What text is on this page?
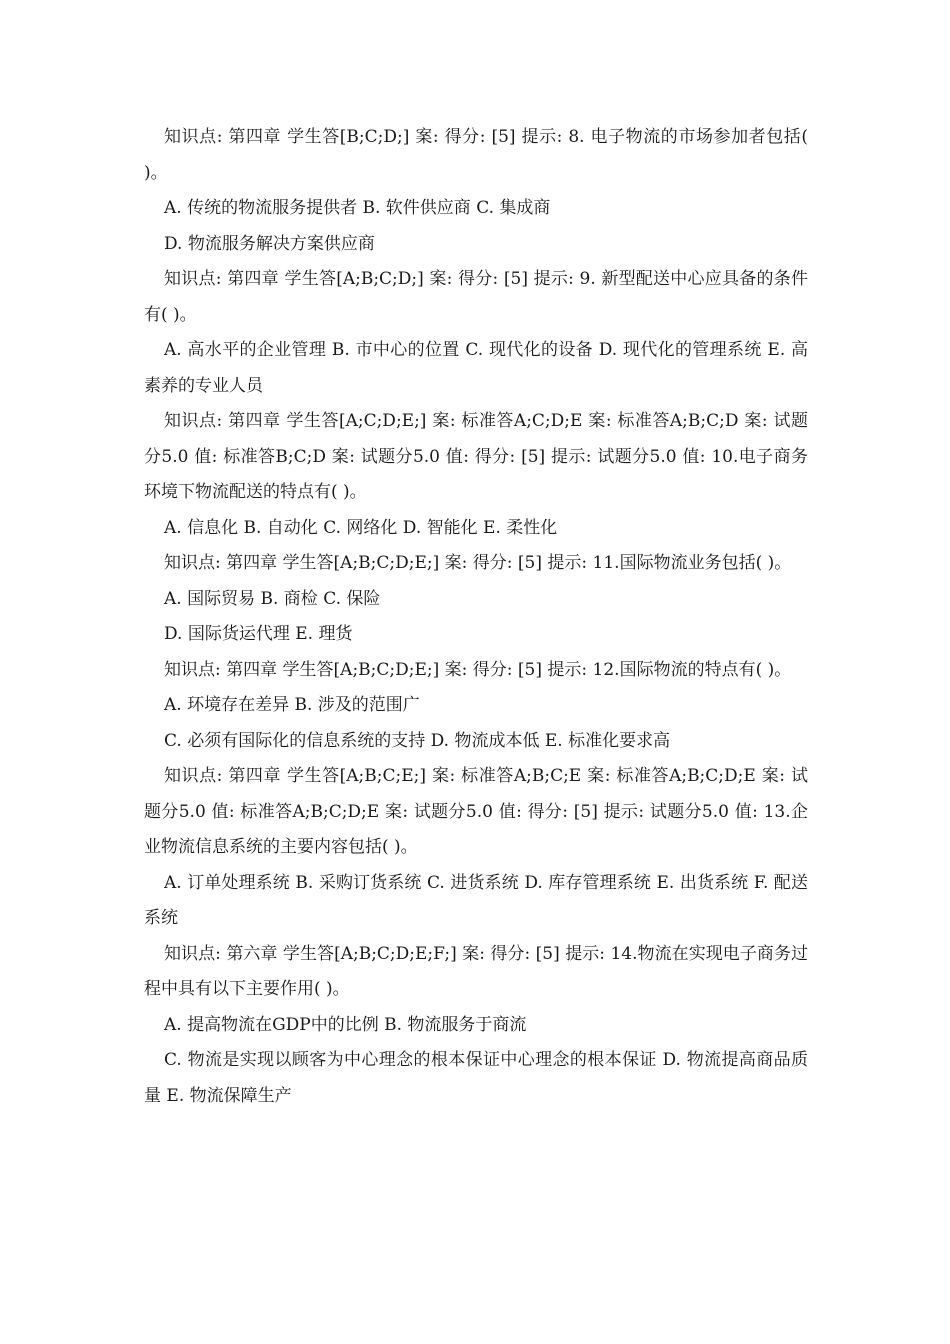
知识点: 第四章 学生答[B;C;D;] 案: 得分: [5] 提示: 8. 电子物流的市场参加者包括( )。

A. 传统的物流服务提供者 B. 软件供应商 C. 集成商

D. 物流服务解决方案供应商

知识点: 第四章 学生答[A;B;C;D;] 案: 得分: [5] 提示: 9. 新型配送中心应具备的条件有( )。

A. 高水平的企业管理 B. 市中心的位置 C. 现代化的设备 D. 现代化的管理系统 E. 高素养的专业人员

知识点: 第四章 学生答[A;C;D;E;] 案: 标准答A;C;D;E 案: 标准答A;B;C;D 案: 试题分5.0 值: 标准答B;C;D 案: 试题分5.0 值: 得分: [5] 提示: 试题分5.0 值: 10.电子商务环境下物流配送的特点有( )。

A. 信息化 B. 自动化 C. 网络化 D. 智能化 E. 柔性化

知识点: 第四章 学生答[A;B;C;D;E;] 案: 得分: [5] 提示: 11.国际物流业务包括( )。

A. 国际贸易 B. 商检 C. 保险

D. 国际货运代理 E. 理货

知识点: 第四章 学生答[A;B;C;D;E;] 案: 得分: [5] 提示: 12.国际物流的特点有( )。

A. 环境存在差异 B. 涉及的范围广

C. 必须有国际化的信息系统的支持 D. 物流成本低 E. 标准化要求高

知识点: 第四章 学生答[A;B;C;E;] 案: 标准答A;B;C;E 案: 标准答A;B;C;D;E 案: 试题分5.0 值: 标准答A;B;C;D;E 案: 试题分5.0 值: 得分: [5] 提示: 试题分5.0 值: 13.企业物流信息系统的主要内容包括( )。

A. 订单处理系统 B. 采购订货系统 C. 进货系统 D. 库存管理系统 E. 出货系统 F. 配送系统

知识点: 第六章 学生答[A;B;C;D;E;F;] 案: 得分: [5] 提示: 14.物流在实现电子商务过程中具有以下主要作用( )。

A. 提高物流在GDP中的比例 B. 物流服务于商流

C. 物流是实现以顾客为中心理念的根本保证中心理念的根本保证 D. 物流提高商品质量 E. 物流保障生产
